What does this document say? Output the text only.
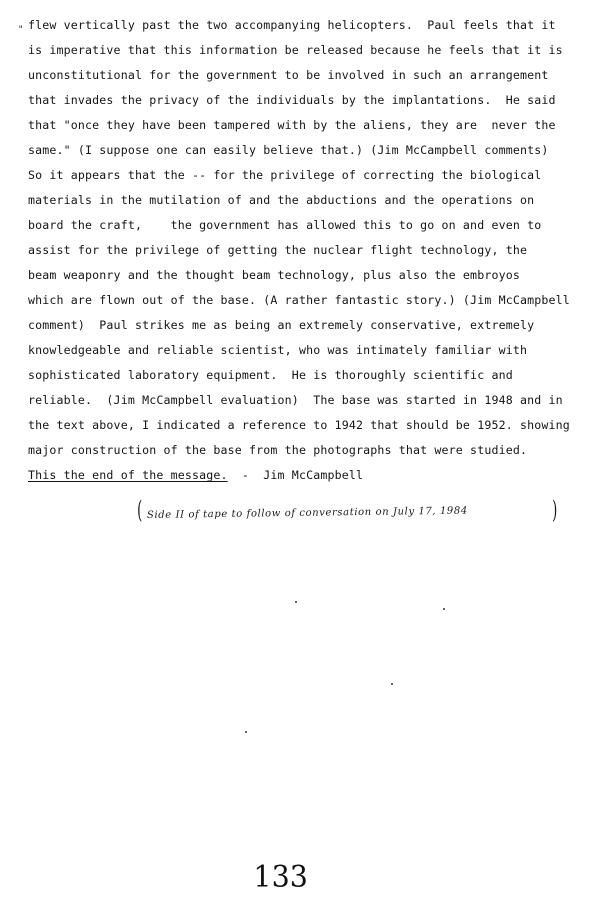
" flew vertically past the two accompanying helicopters.  Paul feels that it
is imperative that this information be released because he feels that it is
unconstitutional for the government to be involved in such an arrangement
that invades the privacy of the individuals by the implantations.  He said
that "once they have been tampered with by the aliens, they are  never the
same." (I suppose one can easily believe that.) (Jim McCampbell comments)
So it appears that the -- for the privilege of correcting the biological
materials in the mutilation of and the abductions and the operations on
board the craft,    the government has allowed this to go on and even to
assist for the privilege of getting the nuclear flight technology, the
beam weaponry and the thought beam technology, plus also the embroyos
which are flown out of the base. (A rather fantastic story.) (Jim McCampbell
comment)  Paul strikes me as being an extremely conservative, extremely
knowledgeable and reliable scientist, who was intimately familiar with
sophisticated laboratory equipment.  He is thoroughly scientific and
reliable.  (Jim McCampbell evaluation)  The base was started in 1948 and in
the text above, I indicated a reference to 1942 that should be 1952. showing
major construction of the base from the photographs that were studied.
This the end of the message.  -  Jim McCampbell
( Side II of tape to follow of conversation on July 17, 1984	)
133
